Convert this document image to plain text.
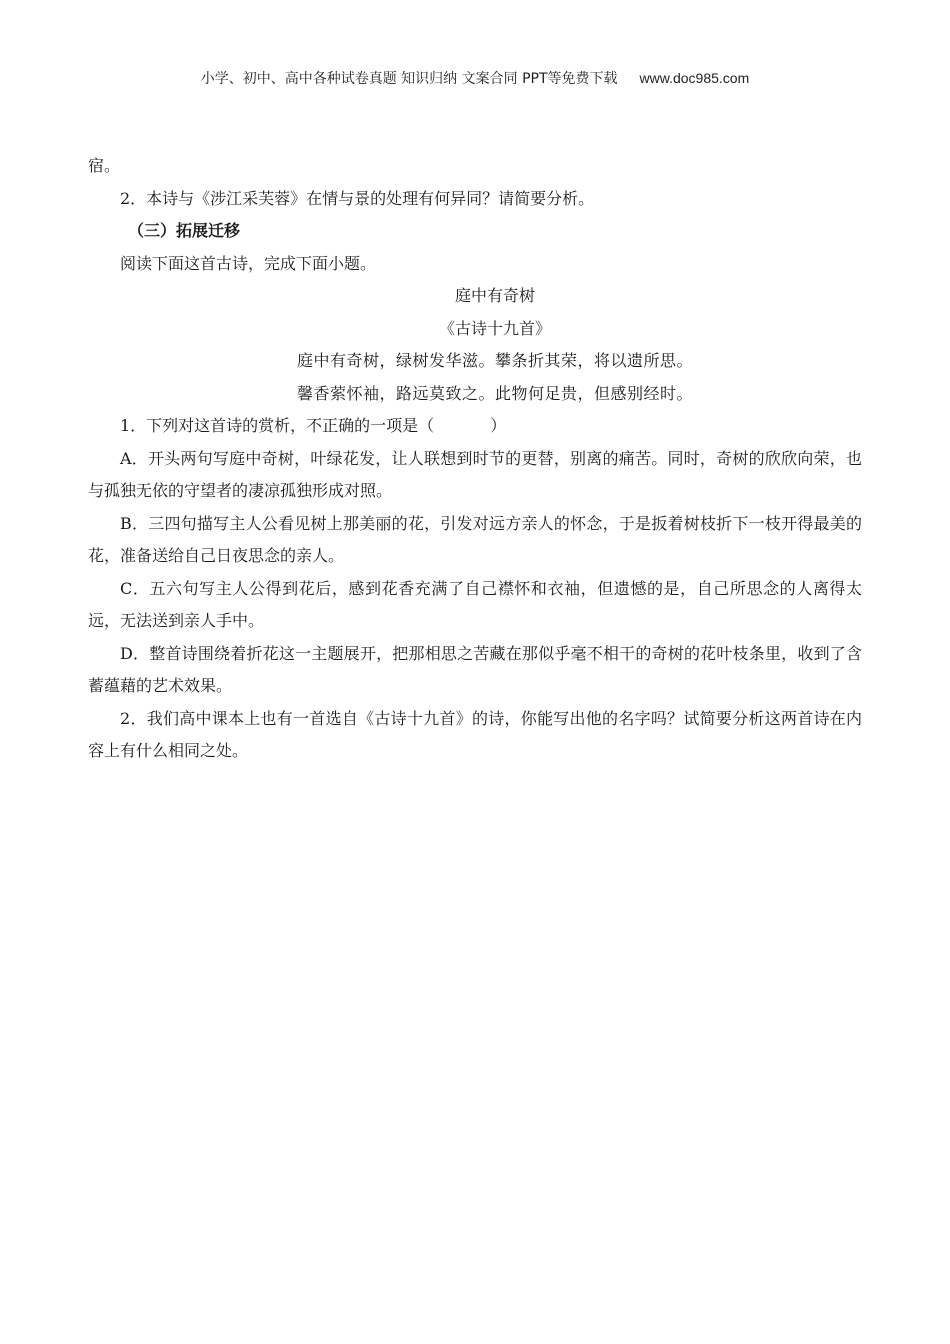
小学、初中、高中各种试卷真题 知识归纳 文案合同 PPT等免费下载 www.doc985.com

宿。

2．本诗与《涉江采芙蓉》在情与景的处理有何异同？请简要分析。

（三）拓展迁移

阅读下面这首古诗，完成下面小题。

庭中有奇树

《古诗十九首》

庭中有奇树，绿树发华滋。攀条折其荣，将以遗所思。

馨香萦怀袖，路远莫致之。此物何足贵，但感别经时。

1．下列对这首诗的赏析，不正确的一项是（	）

A．开头两句写庭中奇树，叶绿花发，让人联想到时节的更替，别离的痛苦。同时，奇树的欣欣向荣，也与孤独无依的守望者的凄凉孤独形成对照。

B．三四句描写主人公看见树上那美丽的花，引发对远方亲人的怀念，于是扳着树枝折下一枝开得最美的花，准备送给自己日夜思念的亲人。

C．五六句写主人公得到花后，感到花香充满了自己襟怀和衣袖，但遗憾的是，自己所思念的人离得太远，无法送到亲人手中。

D．整首诗围绕着折花这一主题展开，把那相思之苦藏在那似乎毫不相干的奇树的花叶枝条里，收到了含蓄蕴藉的艺术效果。

2．我们高中课本上也有一首选自《古诗十九首》的诗，你能写出他的名字吗？试简要分析这两首诗在内容上有什么相同之处。
